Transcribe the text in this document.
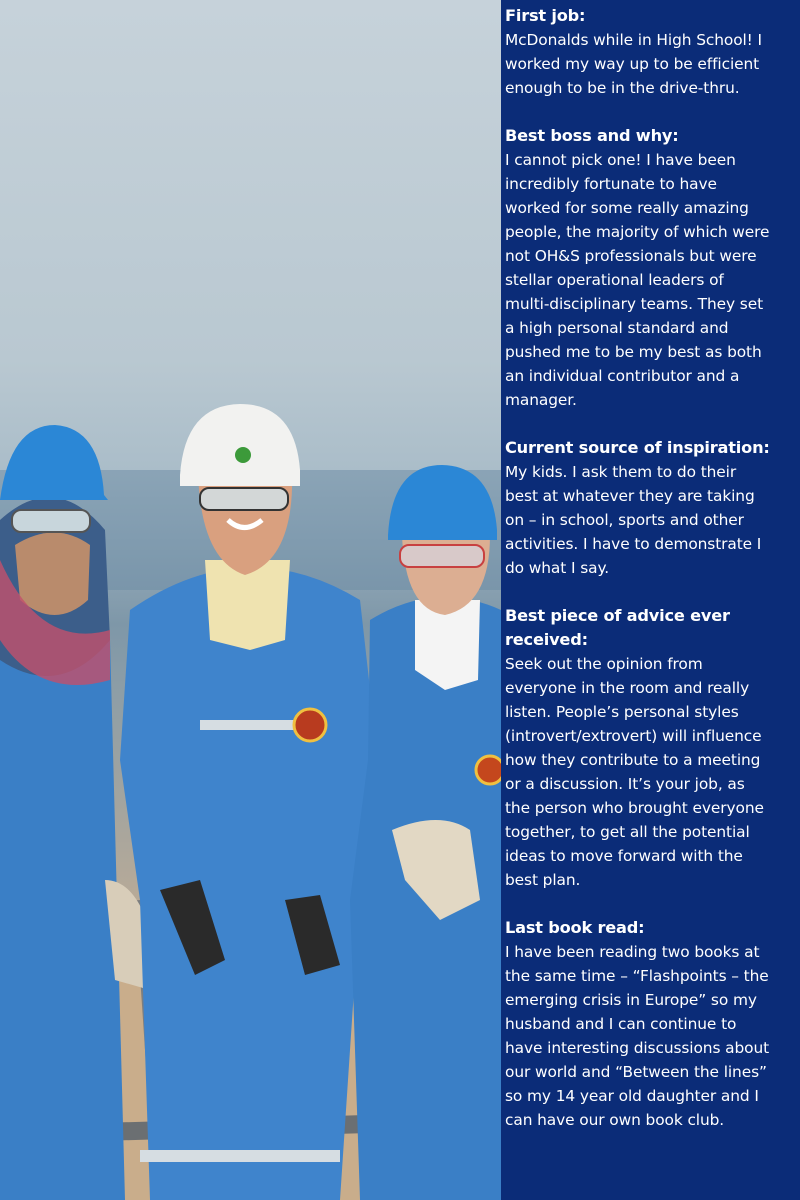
First job:

McDonalds while in High School! I worked my way up to be efficient enough to be in the drive-thru.

Best boss and why:

I cannot pick one! I have been incredibly fortunate to have worked for some really amazing people, the majority of which were not OH&S professionals but were stellar operational leaders of multi-disciplinary teams. They set a high personal standard and pushed me to be my best as both an individual contributor and a manager.

Current source of inspiration:

My kids. I ask them to do their best at whatever they are taking on – in school, sports and other activities. I have to demonstrate I do what I say.

Best piece of advice ever received:

Seek out the opinion from everyone in the room and really listen. People’s personal styles (introvert/extrovert) will influence how they contribute to a meeting or a discussion. It’s your job, as the person who brought everyone together, to get all the potential ideas to move forward with the best plan.

Last book read:

I have been reading two books at the same time – “Flashpoints – the emerging crisis in Europe” so my husband and I can continue to have interesting discussions about our world and “Between the lines” so my 14 year old daughter and I can have our own book club.
